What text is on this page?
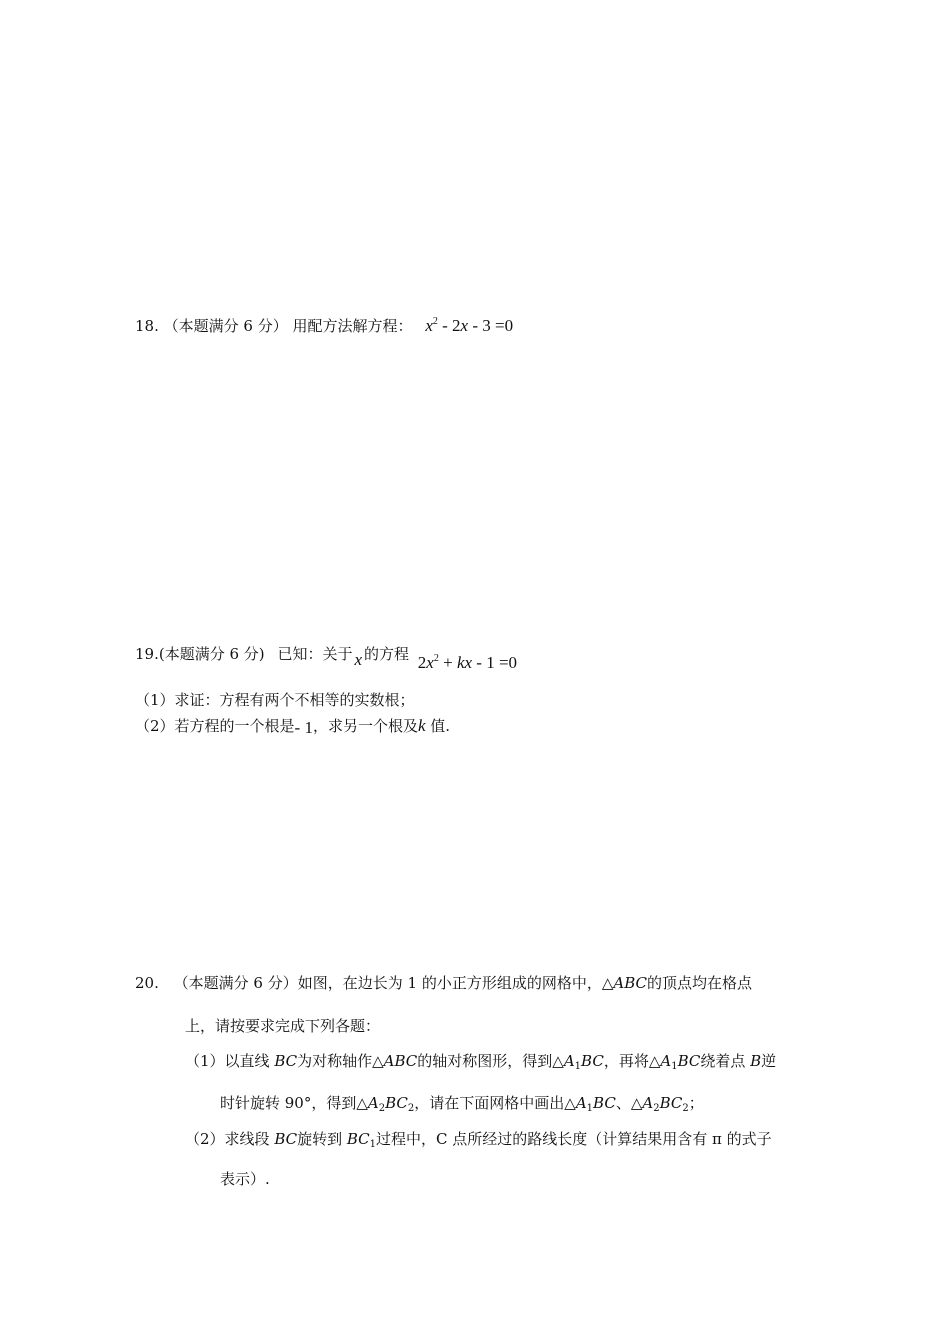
18. （本题满分 6 分） 用配方法解方程： $x^2 - 2x - 3 =0$
19.(本题满分 6 分) 已知：关于 x 的方程 $2x^2$ + kx - 1 =0
（1）求证：方程有两个不相等的实数根；
（2）若方程的一个根是- 1，求另一个根及k 值.
20. （本题满分 6 分）如图，在边长为 1 的小正方形组成的网格中，△ABC的顶点均在格点
上，请按要求完成下列各题：
（1）以直线 BC为对称轴作△ABC的轴对称图形，得到$\triangle A_1BC$，再将$\triangle A_1BC$绕着点 B逆
时针旋转 90°，得到$\triangle A_2BC_2$，请在下面网格中画出$\triangle A_1BC$、$\triangle A_2BC_2$；
（2）求线段 BC旋转到 $BC_1$过程中，C 点所经过的路线长度（计算结果用含有 π 的式子
表示）.
